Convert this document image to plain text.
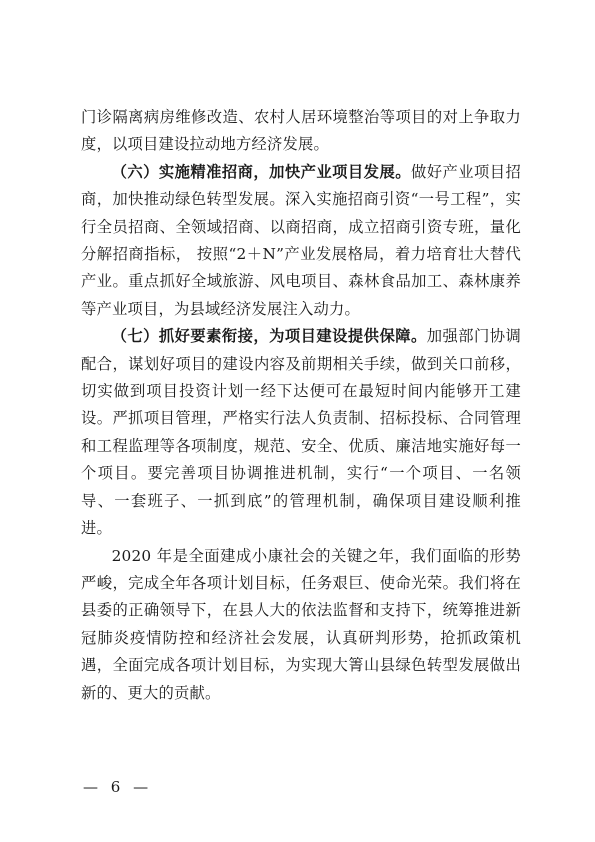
门诊隔离病房维修改造、农村人居环境整治等项目的对上争取力度，以项目建设拉动地方经济发展。

（六）实施精准招商，加快产业项目发展。做好产业项目招商，加快推动绿色转型发展。深入实施招商引资“一号工程”，实行全员招商、全领域招商、以商招商，成立招商引资专班，量化分解招商指标， 按照“2＋N”产业发展格局，着力培育壮大替代产业。重点抓好全域旅游、风电项目、森林食品加工、森林康养等产业项目，为县域经济发展注入动力。

（七）抓好要素衔接，为项目建设提供保障。加强部门协调配合，谋划好项目的建设内容及前期相关手续，做到关口前移，切实做到项目投资计划一经下达便可在最短时间内能够开工建设。严抓项目管理，严格实行法人负责制、招标投标、合同管理和工程监理等各项制度，规范、安全、优质、廉洁地实施好每一个项目。要完善项目协调推进机制，实行“一个项目、一名领导、一套班子、一抓到底”的管理机制，确保项目建设顺利推进。

2020 年是全面建成小康社会的关键之年，我们面临的形势严峻，完成全年各项计划目标，任务艰巨、使命光荣。我们将在县委的正确领导下，在县人大的依法监督和支持下，统筹推进新冠肺炎疫情防控和经济社会发展，认真研判形势，抢抓政策机遇，全面完成各项计划目标，为实现大箐山县绿色转型发展做出新的、更大的贡献。

— 6 —
